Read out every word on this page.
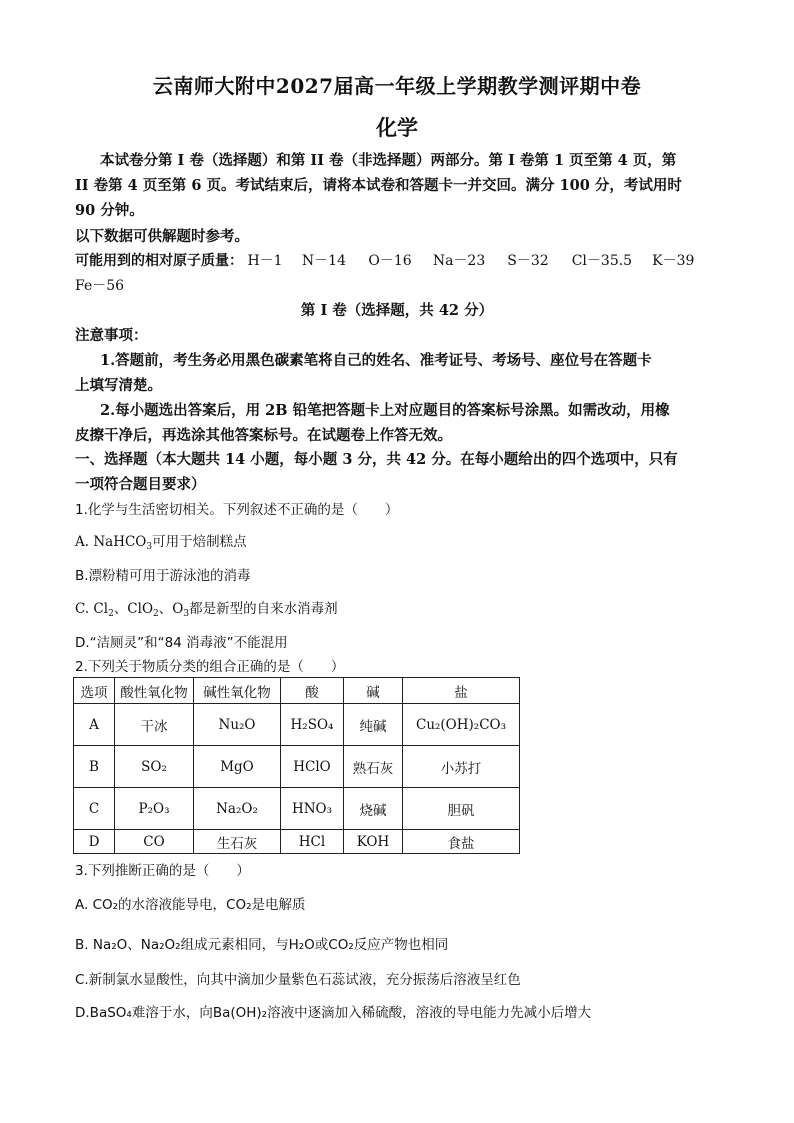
云南师大附中2027届高一年级上学期教学测评期中卷
化学
本试卷分第 I 卷（选择题）和第 II 卷（非选择题）两部分。第 I 卷第 1 页至第 4 页，第
II 卷第 4 页至第 6 页。考试结束后，请将本试卷和答题卡一并交回。满分 100 分，考试用时
90 分钟。
以下数据可供解题时参考。
可能用到的相对原子质量： H－1 N－14 O－16 Na－23 S－32 Cl－35.5 K－39
Fe－56
第 I 卷（选择题，共 42 分）
注意事项：
1.答题前，考生务必用黑色碳素笔将自己的姓名、准考证号、考场号、座位号在答题卡
上填写清楚。
2.每小题选出答案后，用 2B 铅笔把答题卡上对应题目的答案标号涂黑。如需改动，用橡
皮擦干净后，再选涂其他答案标号。在试题卷上作答无效。
一、选择题（本大题共 14 小题，每小题 3 分，共 42 分。在每小题给出的四个选项中，只有
一项符合题目要求）
1.化学与生活密切相关。下列叙述不正确的是（　　）
A. NaHCO$_3$可用于焙制糕点
B.漂粉精可用于游泳池的消毒
C. $Cl_2$、ClO$_2$、$O_3$都是新型的自来水消毒剂
D.“洁厕灵”和“84 消毒液”不能混用
2.下列关于物质分类的组合正确的是（　　）
选项	酸性氧化物	碱性氧化物	酸	碱	盐
A	干冰	Nu₂O	H₂SO₄	纯碱	Cu₂(OH)₂CO₃
B	SO₂	MgO	HClO	熟石灰	小苏打
C	P₂O₃	Na₂O₂	HNO₃	烧碱	胆矾
D	CO	生石灰	HCl	KOH	食盐
3.下列推断正确的是（　　）
A. CO₂的水溶液能导电，CO₂是电解质
B. Na₂O、Na₂O₂组成元素相同，与H₂O或CO₂反应产物也相同
C.新制氯水显酸性，向其中滴加少量紫色石蕊试液，充分振荡后溶液呈红色
D.BaSO₄难溶于水，向Ba(OH)₂溶液中逐滴加入稀硫酸，溶液的导电能力先减小后增大
